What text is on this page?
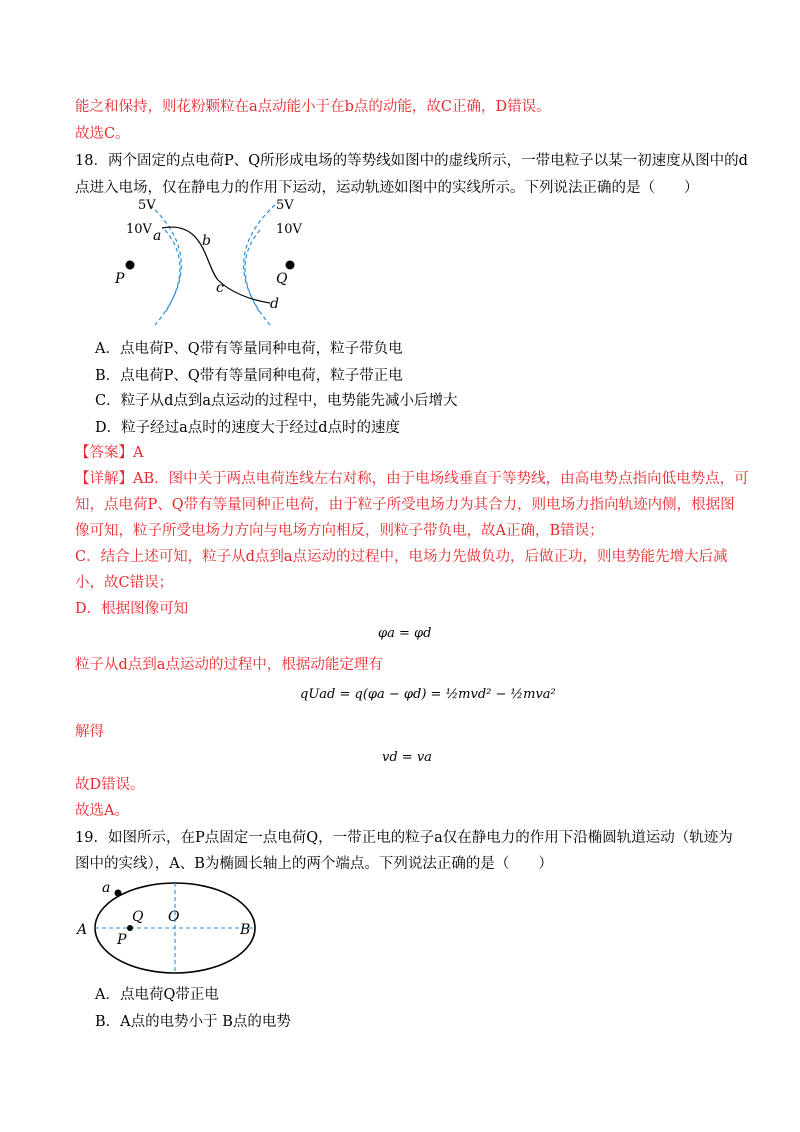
能之和保持，则花粉颗粒在a点动能小于在b点的动能，故C正确，D错误。
故选C。
18．两个固定的点电荷P、Q所形成电场的等势线如图中的虚线所示，一带电粒子以某一初速度从图中的d
点进入电场，仅在静电力的作用下运动，运动轨迹如图中的实线所示。下列说法正确的是（　　）
5V
10V
5V
10V
a	b
c
d
P	Q
A．点电荷P、Q带有等量同种电荷，粒子带负电
B．点电荷P、Q带有等量同种电荷，粒子带正电
C．粒子从d点到a点运动的过程中，电势能先减小后增大
D．粒子经过a点时的速度大于经过d点时的速度
【答案】A
【详解】AB．图中关于两点电荷连线左右对称，由于电场线垂直于等势线，由高电势点指向低电势点，可
知，点电荷P、Q带有等量同种正电荷，由于粒子所受电场力为其合力，则电场力指向轨迹内侧，根据图
像可知，粒子所受电场力方向与电场方向相反，则粒子带负电，故A正确，B错误；
C．结合上述可知，粒子从d点到a点运动的过程中，电场力先做负功，后做正功，则电势能先增大后减
小，故C错误；
D．根据图像可知
φa = φd
粒子从d点到a点运动的过程中，根据动能定理有
qUad = q(φa − φd) = ½mvd² − ½mva²
解得
vd = va
故D错误。
故选A。
19．如图所示，在P点固定一点电荷Q，一带正电的粒子a仅在静电力的作用下沿椭圆轨道运动（轨迹为
图中的实线），A、B为椭圆长轴上的两个端点。下列说法正确的是（　　）
a
Q O
A	B
P
A．点电荷Q带正电
B．A点的电势小于 B点的电势
